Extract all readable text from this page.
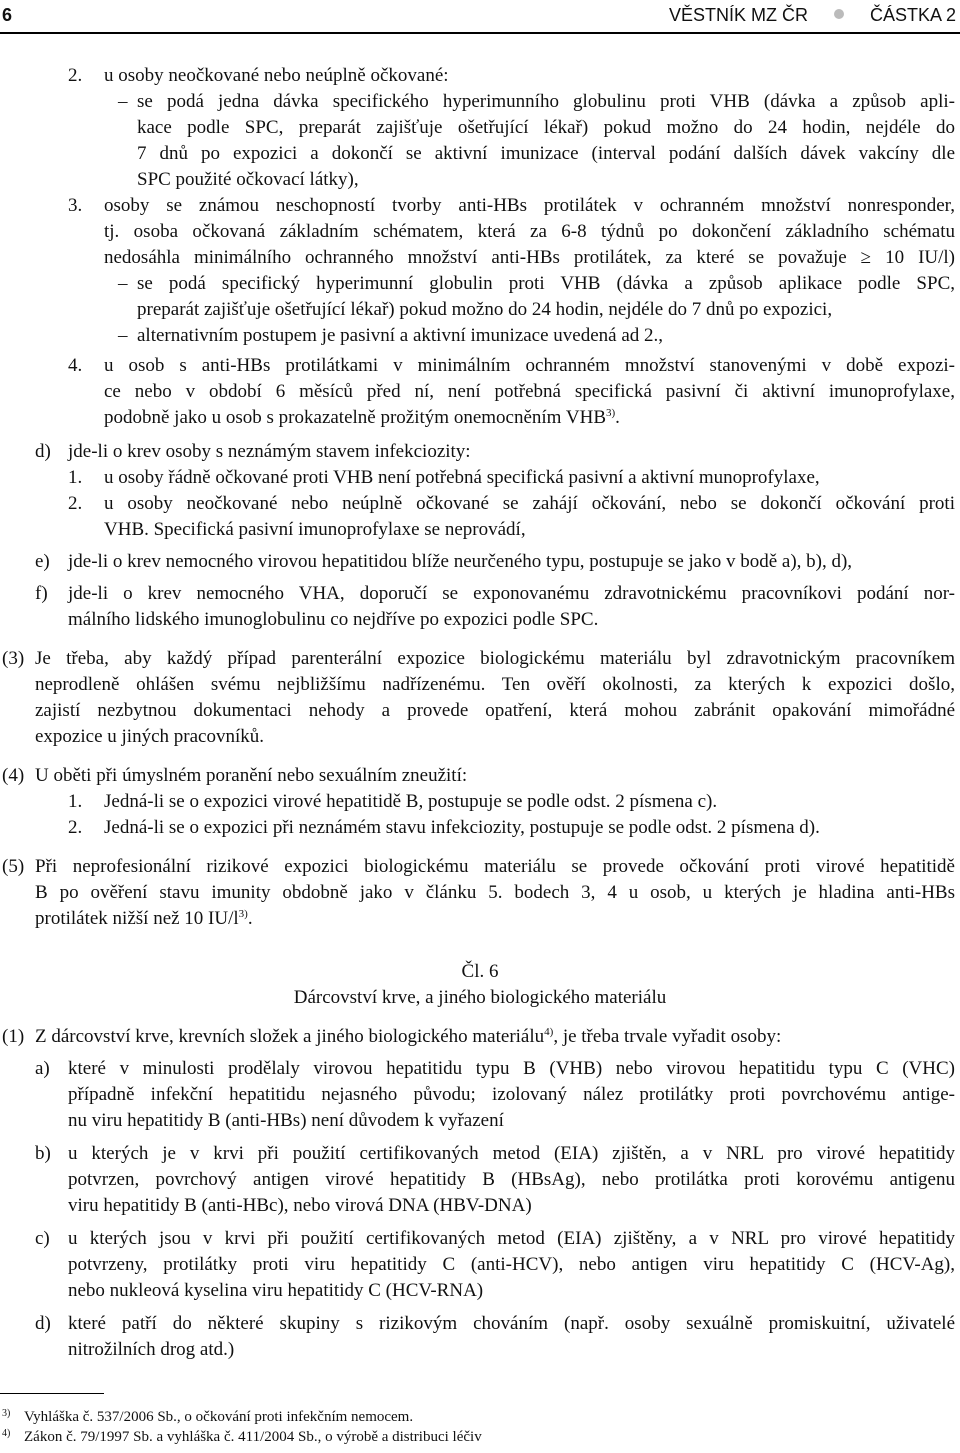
6	VĚSTNÍK MZ ČR	ČÁSTKA 2
2. u osoby neočkované nebo neúplně očkované:
– se podá jedna dávka specifického hyperimunního globulinu proti VHB (dávka a způsob apli-
kace podle SPC, preparát zajišťuje ošetřující lékař) pokud možno do 24 hodin, nejdéle do
7 dnů po expozici a dokončí se aktivní imunizace (interval podání dalších dávek vakcíny dle
SPC použité očkovací látky),
3. osoby se známou neschopností tvorby anti-HBs protilátek v ochranném množství nonresponder,
tj. osoba očkovaná základním schématem, která za 6-8 týdnů po dokončení základního schématu
nedosáhla minimálního ochranného množství anti-HBs protilátek, za které se považuje ≥ 10 IU/l)
– se podá specifický hyperimunní globulin proti VHB (dávka a způsob aplikace podle SPC,
preparát zajišťuje ošetřující lékař) pokud možno do 24 hodin, nejdéle do 7 dnů po expozici,
– alternativním postupem je pasivní a aktivní imunizace uvedená ad 2.,
4. u osob s anti-HBs protilátkami v minimálním ochranném množství stanovenými v době expozi-
ce nebo v období 6 měsíců před ní, není potřebná specifická pasivní či aktivní imunoprofylaxe,
podobně jako u osob s prokazatelně prožitým onemocněním VHB$^{3)}$.
d) jde-li o krev osoby s neznámým stavem infekciozity:
1. u osoby řádně očkované proti VHB není potřebná specifická pasivní a aktivní munoprofylaxe,
2. u osoby neočkované nebo neúplně očkované se zahájí očkování, nebo se dokončí očkování proti
VHB. Specifická pasivní imunoprofylaxe se neprovádí,
e) jde-li o krev nemocného virovou hepatitidou blíže neurčeného typu, postupuje se jako v bodě a), b), d),
f) jde-li o krev nemocného VHA, doporučí se exponovanému zdravotnickému pracovníkovi podání nor-
málního lidského imunoglobulinu co nejdříve po expozici podle SPC.
(3) Je třeba, aby každý případ parenterální expozice biologickému materiálu byl zdravotnickým pracovníkem
neprodleně ohlášen svému nejbližšímu nadřízenému. Ten ověří okolnosti, za kterých k expozici došlo,
zajistí nezbytnou dokumentaci nehody a provede opatření, která mohou zabránit opakování mimořádné
expozice u jiných pracovníků.
(4) U oběti při úmyslném poranění nebo sexuálním zneužití:
1. Jedná-li se o expozici virové hepatitidě B, postupuje se podle odst. 2 písmena c).
2. Jedná-li se o expozici při neznámém stavu infekciozity, postupuje se podle odst. 2 písmena d).
(5) Při neprofesionální rizikové expozici biologickému materiálu se provede očkování proti virové hepatitidě
B po ověření stavu imunity obdobně jako v článku 5. bodech 3, 4 u osob, u kterých je hladina anti-HBs
protilátek nižší než 10 $IU/l^{3)}$.
Čl. 6
Dárcovství krve, a jiného biologického materiálu
(1) Z dárcovství krve, krevních složek a jiného biologického materiálu$^{4)}$, je třeba trvale vyřadit osoby:
a) které v minulosti prodělaly virovou hepatitidu typu B (VHB) nebo virovou hepatitidu typu C (VHC)
případně infekční hepatitidu nejasného původu; izolovaný nález protilátky proti povrchovému antige-
nu viru hepatitidy B (anti-HBs) není důvodem k vyřazení
b) u kterých je v krvi při použití certifikovaných metod (EIA) zjištěn, a v NRL pro virové hepatitidy
potvrzen, povrchový antigen virové hepatitidy B (HBsAg), nebo protilátka proti korovému antigenu
viru hepatitidy B (anti-HBc), nebo virová DNA (HBV-DNA)
c) u kterých jsou v krvi při použití certifikovaných metod (EIA) zjištěny, a v NRL pro virové hepatitidy
potvrzeny, protilátky proti viru hepatitidy C (anti-HCV), nebo antigen viru hepatitidy C (HCV-Ag),
nebo nukleová kyselina viru hepatitidy C (HCV-RNA)
d) které patří do některé skupiny s rizikovým chováním (např. osoby sexuálně promiskuitní, uživatelé
nitrožilních drog atd.)
3) Vyhláška č. 537/2006 Sb., o očkování proti infekčním nemocem.
4) Zákon č. 79/1997 Sb. a vyhláška č. 411/2004 Sb., o výrobě a distribuci léčiv
